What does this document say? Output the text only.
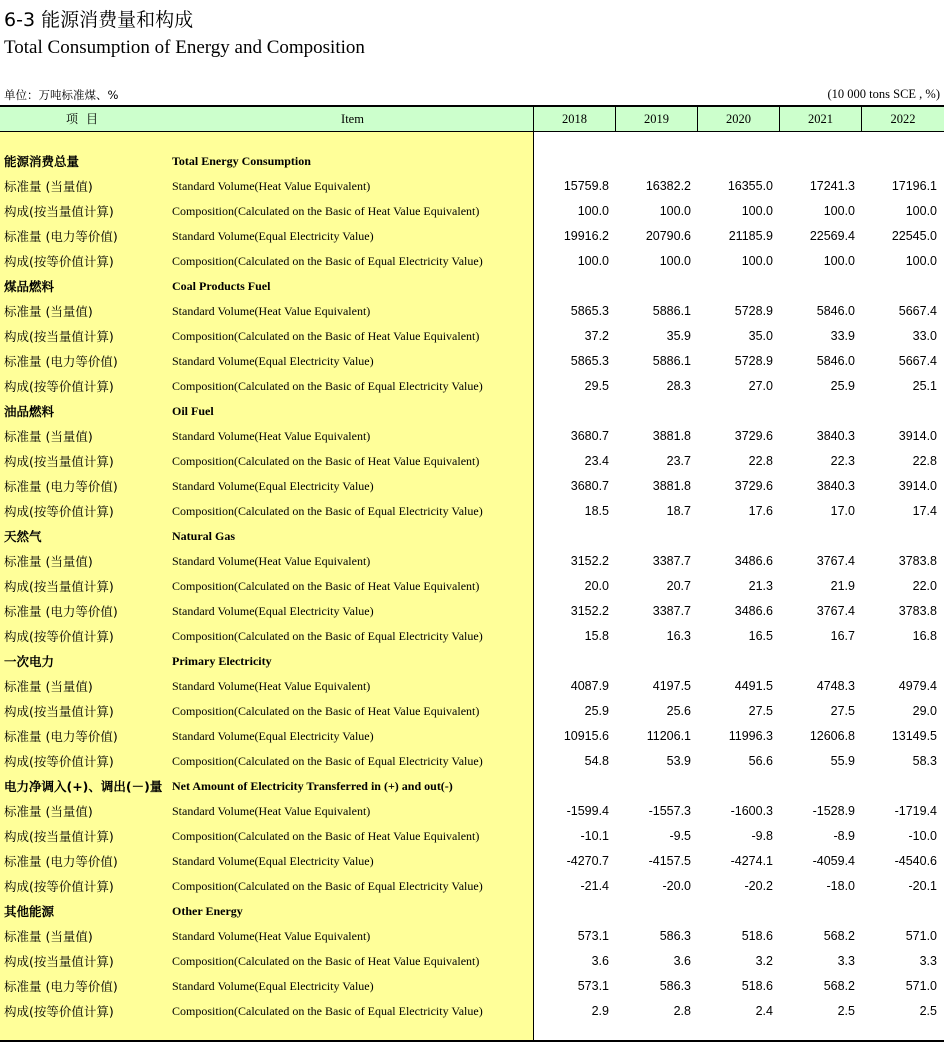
6-3 能源消费量和构成
Total Consumption of Energy and Composition
单位：万吨标准煤、%	(10 000 tons SCE , %)
项目	Item	2018	2019	2020	2021	2022
能源消费总量	Total Energy Consumption
标准量 (当量值)	Standard Volume(Heat Value Equivalent)	15759.8	16382.2	16355.0	17241.3	17196.1
构成(按当量值计算)	Composition(Calculated on the Basic of Heat Value Equivalent)	100.0	100.0	100.0	100.0	100.0
标准量 (电力等价值)	Standard Volume(Equal Electricity Value)	19916.2	20790.6	21185.9	22569.4	22545.0
构成(按等价值计算)	Composition(Calculated on the Basic of Equal Electricity Value)	100.0	100.0	100.0	100.0	100.0
煤品燃料	Coal Products Fuel
标准量 (当量值)	Standard Volume(Heat Value Equivalent)	5865.3	5886.1	5728.9	5846.0	5667.4
构成(按当量值计算)	Composition(Calculated on the Basic of Heat Value Equivalent)	37.2	35.9	35.0	33.9	33.0
标准量 (电力等价值)	Standard Volume(Equal Electricity Value)	5865.3	5886.1	5728.9	5846.0	5667.4
构成(按等价值计算)	Composition(Calculated on the Basic of Equal Electricity Value)	29.5	28.3	27.0	25.9	25.1
油品燃料	Oil Fuel
标准量 (当量值)	Standard Volume(Heat Value Equivalent)	3680.7	3881.8	3729.6	3840.3	3914.0
构成(按当量值计算)	Composition(Calculated on the Basic of Heat Value Equivalent)	23.4	23.7	22.8	22.3	22.8
标准量 (电力等价值)	Standard Volume(Equal Electricity Value)	3680.7	3881.8	3729.6	3840.3	3914.0
构成(按等价值计算)	Composition(Calculated on the Basic of Equal Electricity Value)	18.5	18.7	17.6	17.0	17.4
天然气	Natural Gas
标准量 (当量值)	Standard Volume(Heat Value Equivalent)	3152.2	3387.7	3486.6	3767.4	3783.8
构成(按当量值计算)	Composition(Calculated on the Basic of Heat Value Equivalent)	20.0	20.7	21.3	21.9	22.0
标准量 (电力等价值)	Standard Volume(Equal Electricity Value)	3152.2	3387.7	3486.6	3767.4	3783.8
构成(按等价值计算)	Composition(Calculated on the Basic of Equal Electricity Value)	15.8	16.3	16.5	16.7	16.8
一次电力	Primary Electricity
标准量 (当量值)	Standard Volume(Heat Value Equivalent)	4087.9	4197.5	4491.5	4748.3	4979.4
构成(按当量值计算)	Composition(Calculated on the Basic of Heat Value Equivalent)	25.9	25.6	27.5	27.5	29.0
标准量 (电力等价值)	Standard Volume(Equal Electricity Value)	10915.6	11206.1	11996.3	12606.8	13149.5
构成(按等价值计算)	Composition(Calculated on the Basic of Equal Electricity Value)	54.8	53.9	56.6	55.9	58.3
电力净调入(+)、调出(－)量 Net Amount of Electricity Transferred in (+) and out(-)
标准量 (当量值)	Standard Volume(Heat Value Equivalent)	-1599.4	-1557.3	-1600.3	-1528.9	-1719.4
构成(按当量值计算)	Composition(Calculated on the Basic of Heat Value Equivalent)	-10.1	-9.5	-9.8	-8.9	-10.0
标准量 (电力等价值)	Standard Volume(Equal Electricity Value)	-4270.7	-4157.5	-4274.1	-4059.4	-4540.6
构成(按等价值计算)	Composition(Calculated on the Basic of Equal Electricity Value)	-21.4	-20.0	-20.2	-18.0	-20.1
其他能源	Other Energy
标准量 (当量值)	Standard Volume(Heat Value Equivalent)	573.1	586.3	518.6	568.2	571.0
构成(按当量值计算)	Composition(Calculated on the Basic of Heat Value Equivalent)	3.6	3.6	3.2	3.3	3.3
标准量 (电力等价值)	Standard Volume(Equal Electricity Value)	573.1	586.3	518.6	568.2	571.0
构成(按等价值计算)	Composition(Calculated on the Basic of Equal Electricity Value)	2.9	2.8	2.4	2.5	2.5
